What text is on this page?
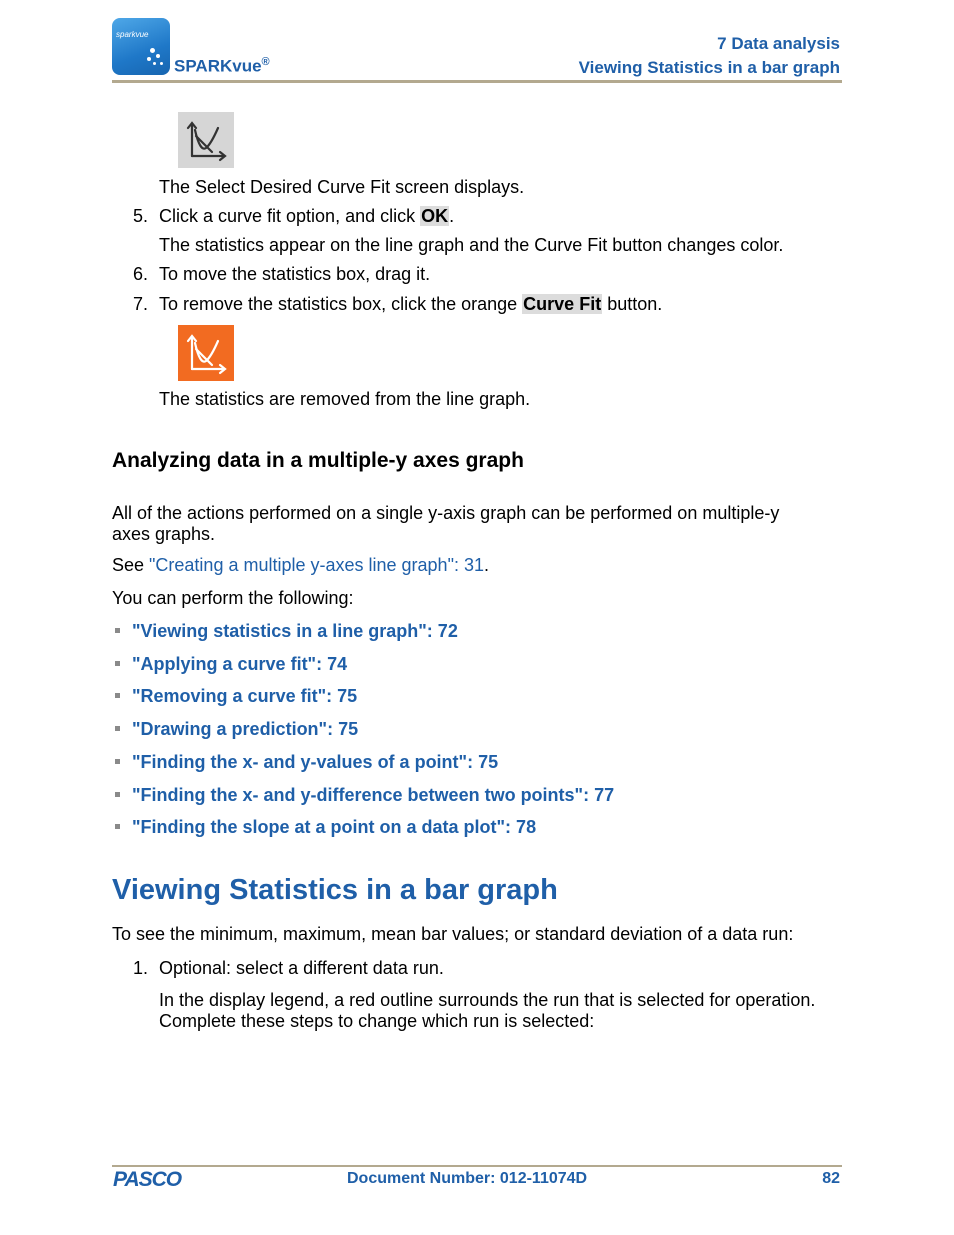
sparkvue
SPARKvue®
7 Data analysis
Viewing Statistics in a bar graph
The Select Desired Curve Fit screen displays.
5. Click a curve fit option, and click OK.
The statistics appear on the line graph and the Curve Fit button changes color.
6. To move the statistics box, drag it.
7. To remove the statistics box, click the orange Curve Fit button.
The statistics are removed from the line graph.
Analyzing data in a multiple-y axes graph
All of the actions performed on a single y-axis graph can be performed on multiple-y
axes graphs.
See "Creating a multiple y-axes line graph": 31.
You can perform the following:
"Viewing statistics in a line graph": 72
"Applying a curve fit": 74
"Removing a curve fit": 75
"Drawing a prediction": 75
"Finding the x- and y-values of a point": 75
"Finding the x- and y-difference between two points": 77
"Finding the slope at a point on a data plot": 78
Viewing Statistics in a bar graph
To see the minimum, maximum, mean bar values; or standard deviation of a data run:
1. Optional: select a different data run.
In the display legend, a red outline surrounds the run that is selected for operation.
Complete these steps to change which run is selected:
PASCO	Document Number: 012-11074D	82
